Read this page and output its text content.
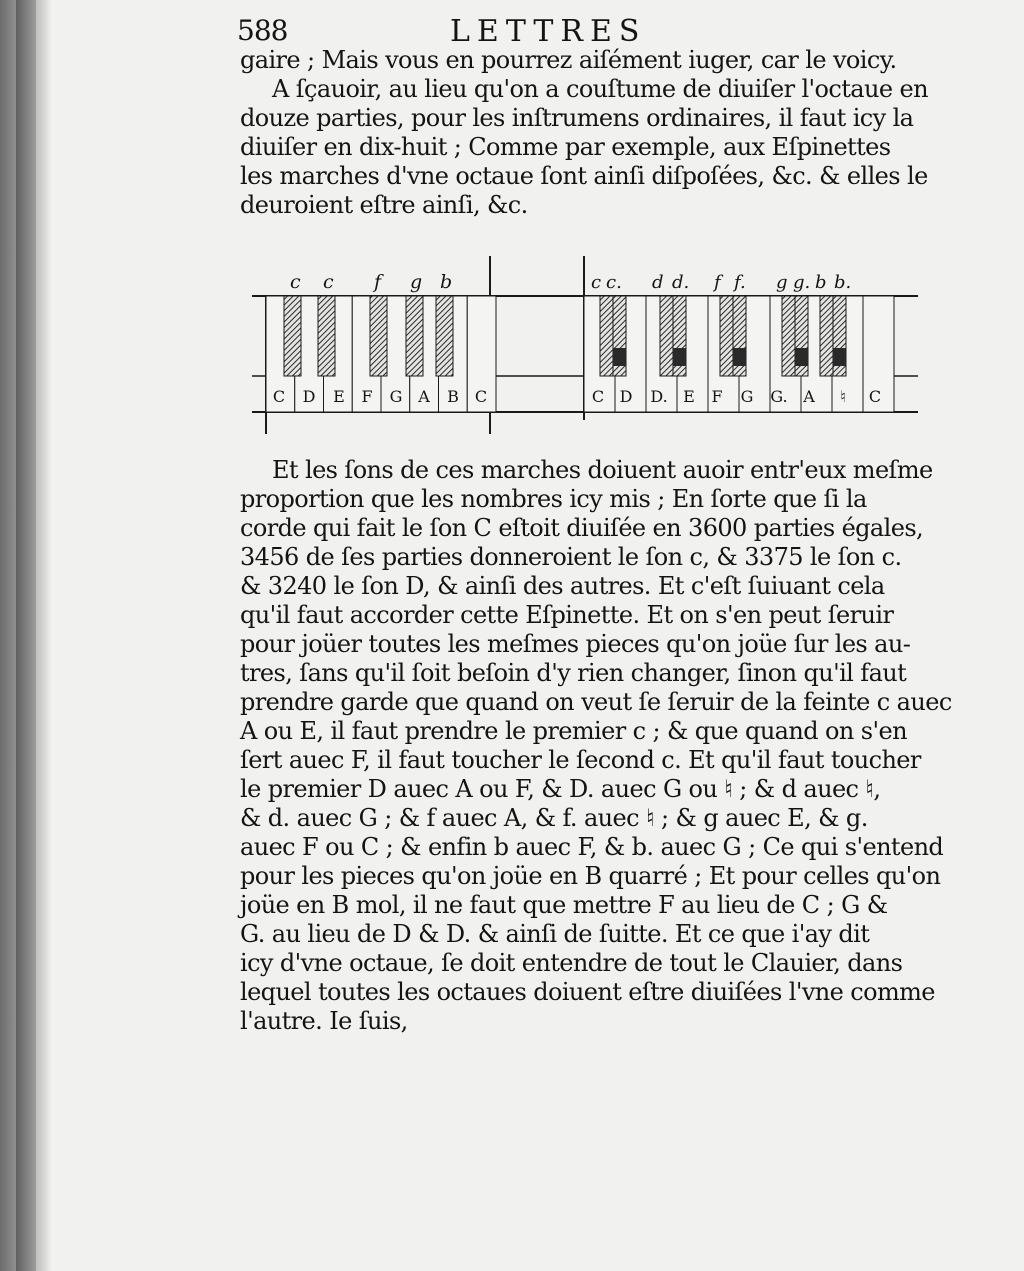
588	LETTRES
gaire ; Mais vous en pourrez aiſément iuger, car le voicy.
A ſçauoir, au lieu qu'on a couſtume de diuiſer l'octaue en
douze parties, pour les inſtrumens ordinaires, il faut icy la
diuiſer en dix-huit ; Comme par exemple, aux Eſpinettes
les marches d'vne octaue ſont ainſi diſpoſées, &c. & elles le
deuroient eſtre ainſi, &c.
c c f g b
C D E F G A B C
c c. d d. f f. g g. b b.
C D D. E F G G. A ♮ C
Et les ſons de ces marches doiuent auoir entr'eux meſme
proportion que les nombres icy mis ; En ſorte que ſi la
corde qui fait le ſon C eſtoit diuiſée en 3600 parties égales,
3456 de ſes parties donneroient le ſon c, & 3375 le ſon c.
& 3240 le ſon D, & ainſi des autres. Et c'eſt ſuiuant cela
qu'il faut accorder cette Eſpinette. Et on s'en peut ſeruir
pour joüer toutes les meſmes pieces qu'on joüe ſur les au-
tres, ſans qu'il ſoit beſoin d'y rien changer, ſinon qu'il faut
prendre garde que quand on veut ſe ſeruir de la feinte c auec
A ou E, il faut prendre le premier c ; & que quand on s'en
ſert auec F, il faut toucher le ſecond c. Et qu'il faut toucher
le premier D auec A ou F, & D. auec G ou ♮ ; & d auec ♮,
& d. auec G ; & f auec A, & f. auec ♮ ; & g auec E, & g.
auec F ou C ; & enfin b auec F, & b. auec G ; Ce qui s'entend
pour les pieces qu'on joüe en B quarré ; Et pour celles qu'on
joüe en B mol, il ne faut que mettre F au lieu de C ; G &
G. au lieu de D & D. & ainſi de ſuitte. Et ce que i'ay dit
icy d'vne octaue, ſe doit entendre de tout le Clauier, dans
lequel toutes les octaues doiuent eſtre diuiſées l'vne comme
l'autre. Ie ſuis,
